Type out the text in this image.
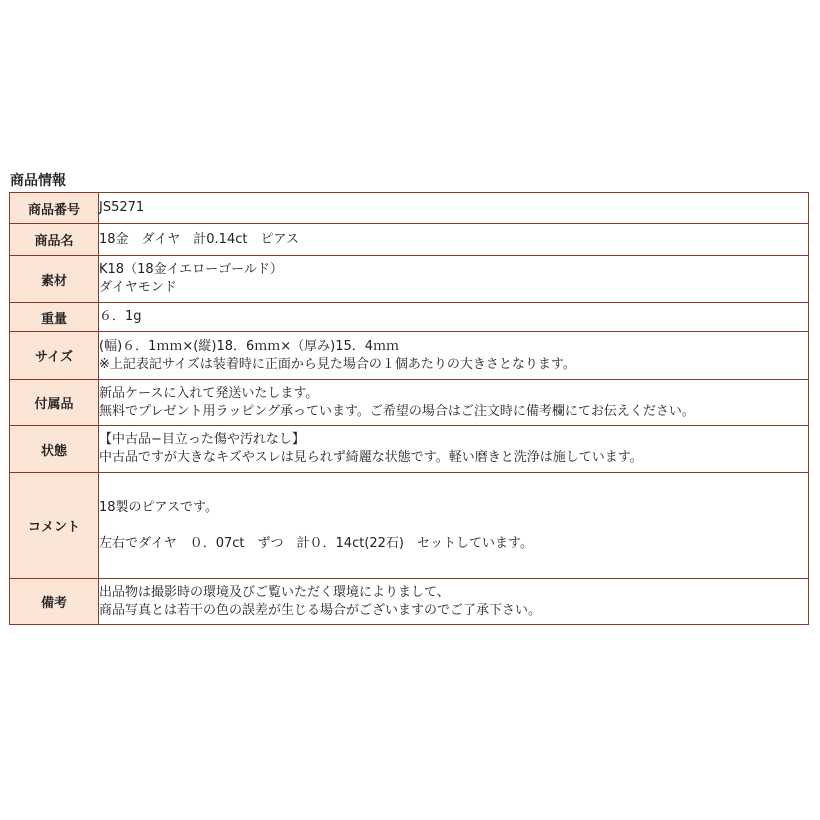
商品情報
商品番号	JS5271

商品名	18金　ダイヤ　計0.14ct　ピアス

素材	K18（18金イエローゴールド）
ダイヤモンド

重量	６．1g

サイズ	(幅)６．1ｍｍ×(縦)18．6ｍｍ×（厚み)15．4ｍｍ
※上記表記サイズは装着時に正面から見た場合の１個あたりの大きさとなります。

付属品	新品ケースに入れて発送いたします。
無料でプレゼント用ラッピング承っています。ご希望の場合はご注文時に備考欄にてお伝えください。

状態	【中古品−目立った傷や汚れなし】
中古品ですが大きなキズやスレは見られず綺麗な状態です。軽い磨きと洗浄は施しています。

コメント	18製のピアスです。
左右でダイヤ　０．07ct　ずつ　計０．14ct(22石)　セットしています。

備考	出品物は撮影時の環境及びご覧いただく環境によりまして、
商品写真とは若干の色の誤差が生じる場合がございますのでご了承下さい。
